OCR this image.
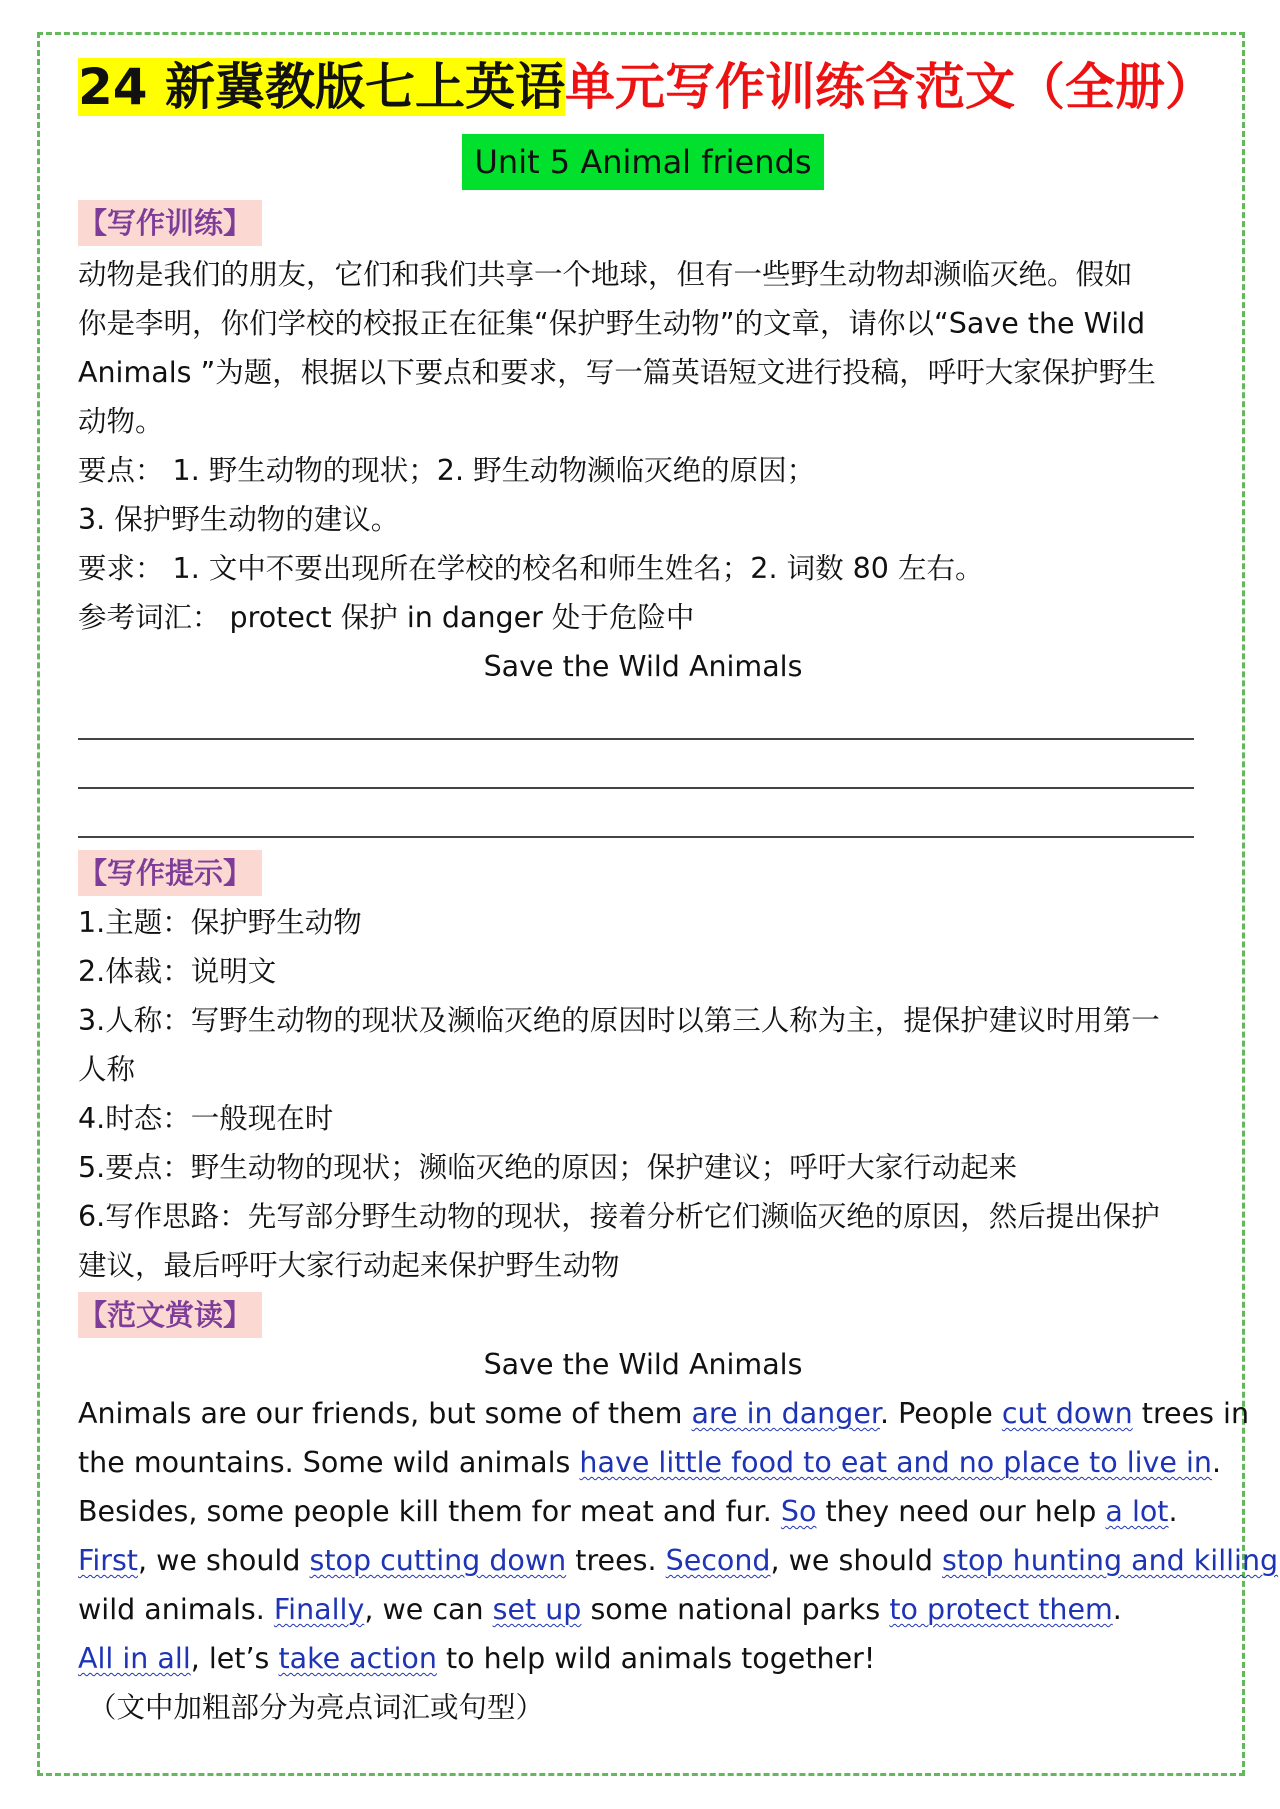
24 新冀教版七上英语单元写作训练含范文（全册）
Unit 5 Animal friends
【写作训练】
动物是我们的朋友，它们和我们共享一个地球，但有一些野生动物却濒临灭绝。假如
你是李明，你们学校的校报正在征集“保护野生动物”的文章，请你以“Save the Wild
Animals ”为题，根据以下要点和要求，写一篇英语短文进行投稿，呼吁大家保护野生
动物。
要点： 1. 野生动物的现状；2. 野生动物濒临灭绝的原因；
3. 保护野生动物的建议。
要求： 1. 文中不要出现所在学校的校名和师生姓名；2. 词数 80 左右。
参考词汇： protect 保护 in danger 处于危险中
Save the Wild Animals
【写作提示】
1.主题：保护野生动物
2.体裁：说明文
3.人称：写野生动物的现状及濒临灭绝的原因时以第三人称为主，提保护建议时用第一
人称
4.时态：一般现在时
5.要点：野生动物的现状；濒临灭绝的原因；保护建议；呼吁大家行动起来
6.写作思路：先写部分野生动物的现状，接着分析它们濒临灭绝的原因，然后提出保护
建议，最后呼吁大家行动起来保护野生动物
【范文赏读】
Save the Wild Animals
Animals are our friends, but some of them are in danger. People cut down trees in
the mountains. Some wild animals have little food to eat and no place to live in.
Besides, some people kill them for meat and fur. So they need our help a lot.
First, we should stop cutting down trees. Second, we should stop hunting and killing
wild animals. Finally, we can set up some national parks to protect them.
All in all, let’s take action to help wild animals together!
（文中加粗部分为亮点词汇或句型）
